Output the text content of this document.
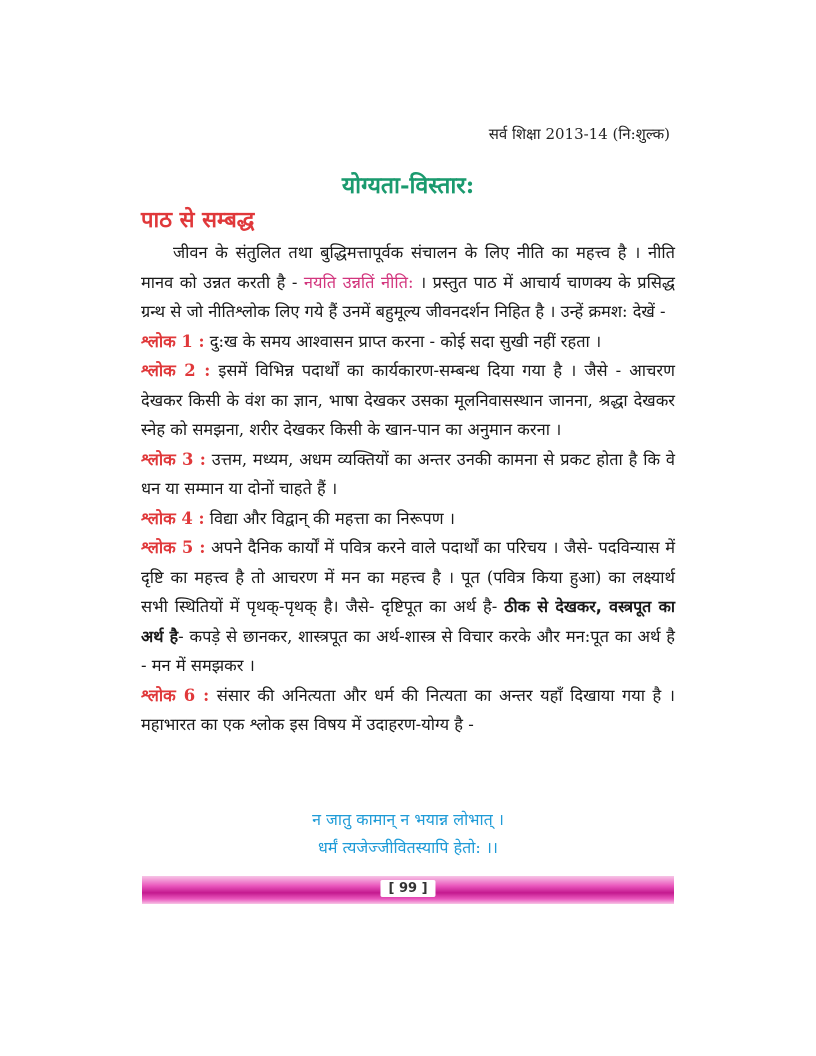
सर्व शिक्षा 2013-14 (नि:शुल्क)
योग्यता-विस्तार:
पाठ से सम्बद्ध

जीवन के संतुलित तथा बुद्धिमत्तापूर्वक संचालन के लिए नीति का महत्त्व है । नीति मानव को उन्नत करती है - नयति उन्नतिं नीति: । प्रस्तुत पाठ में आचार्य चाणक्य के प्रसिद्ध ग्रन्थ से जो नीतिश्लोक लिए गये हैं उनमें बहुमूल्य जीवनदर्शन निहित है । उन्हें क्रमश: देखें -

श्लोक 1 : दु:ख के समय आश्वासन प्राप्त करना - कोई सदा सुखी नहीं रहता ।

श्लोक 2 : इसमें विभिन्न पदार्थों का कार्यकारण-सम्बन्ध दिया गया है । जैसे - आचरण देखकर किसी के वंश का ज्ञान, भाषा देखकर उसका मूलनिवासस्थान जानना, श्रद्धा देखकर स्नेह को समझना, शरीर देखकर किसी के खान-पान का अनुमान करना ।

श्लोक 3 : उत्तम, मध्यम, अधम व्यक्तियों का अन्तर उनकी कामना से प्रकट होता है कि वे धन या सम्मान या दोनों चाहते हैं ।

श्लोक 4 : विद्या और विद्वान् की महत्ता का निरूपण ।

श्लोक 5 : अपने दैनिक कार्यों में पवित्र करने वाले पदार्थों का परिचय । जैसे- पदविन्यास में दृष्टि का महत्त्व है तो आचरण में मन का महत्त्व है । पूत (पवित्र किया हुआ) का लक्ष्यार्थ सभी स्थितियों में पृथक्-पृथक् है। जैसे- दृष्टिपूत का अर्थ है- ठीक से देखकर, वस्त्रपूत का अर्थ है- कपड़े से छानकर, शास्त्रपूत का अर्थ-शास्त्र से विचार करके और मन:पूत का अर्थ है - मन में समझकर ।

श्लोक 6 : संसार की अनित्यता और धर्म की नित्यता का अन्तर यहाँ दिखाया गया है । महाभारत का एक श्लोक इस विषय में उदाहरण-योग्य है -

न जातु कामान् न भयान्न लोभात् ।
धर्मं त्यजेज्जीवितस्यापि हेतो: ।।
[ 99 ]
